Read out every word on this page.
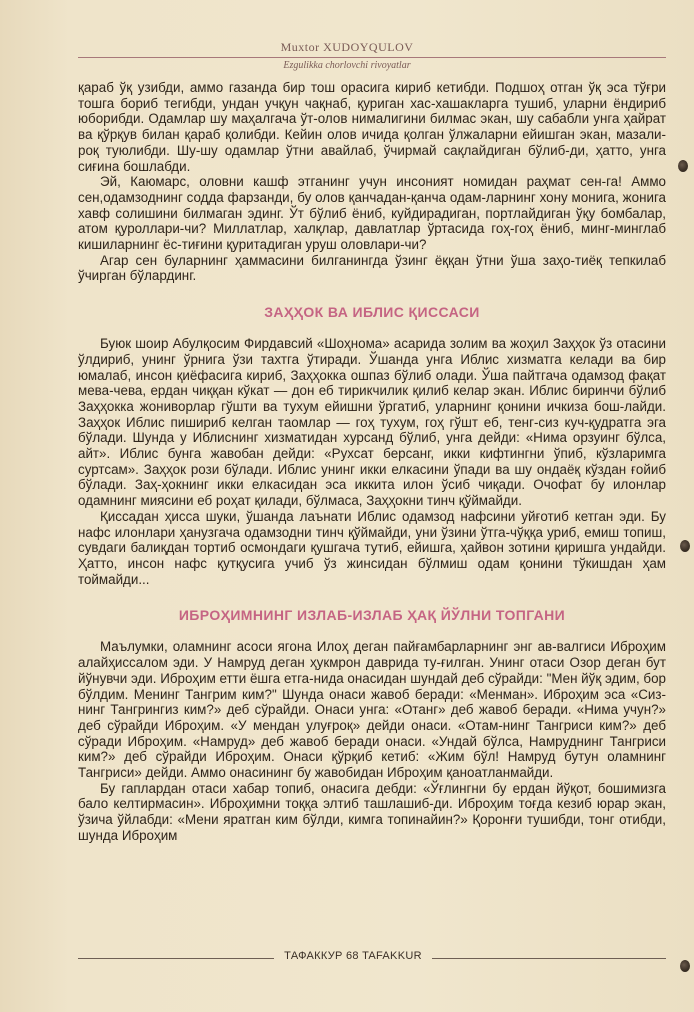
Muxtor XUDOYQULOV
Ezgulikka chorlovchi rivoyatlar

қараб ўқ узибди, аммо газанда бир тош орасига кириб кетибди. Подшоҳ отган ўқ эса тўғри тошга бориб тегибди, ундан учқун чақнаб, қуриган хас-хашакларга тушиб, уларни ёндириб юборибди. Одамлар шу маҳалгача ўт-олов нималигини билмас экан, шу сабабли унга ҳайрат ва қўрқув билан қараб қолибди. Кейин олов ичида қолган ўлжаларни ейишган экан, мазали-роқ туюлибди. Шу-шу одамлар ўтни авайлаб, ўчирмай сақлайдиган бўлиб-ди, ҳатто, унга сиғина бошлабди.

Эй, Каюмарс, оловни кашф этганинг учун инсоният номидан раҳмат сен-га! Аммо сен,одамзоднинг содда фарзанди, бу олов қанчадан-қанча одам-ларнинг хону монига, жонига хавф солишини билмаган эдинг. Ўт бўлиб ёниб, куйдирадиган, портлайдиган ўқу бомбалар, атом қуроллари-чи? Миллатлар, халқлар, давлатлар ўртасида гоҳ-гоҳ ёниб, минг-минглаб кишиларнинг ёс-тиғини қуритадиган уруш оловлари-чи?

Агар сен буларнинг ҳаммасини билганингда ўзинг ёққан ўтни ўша заҳо-тиёқ тепкилаб ўчирган бўлардинг.

ЗАҲҲОК ВА ИБЛИС ҚИССАСИ

Буюк шоир Абулқосим Фирдавсий «Шоҳнома» асарида золим ва жоҳил Заҳҳок ўз отасини ўлдириб, унинг ўрнига ўзи тахтга ўтиради. Ўшанда унга Иблис хизматга келади ва бир юмалаб, инсон қиёфасига кириб, Заҳҳокка ошпаз бўлиб олади. Ўша пайтгача одамзод фақат мева-чева, ердан чиққан кўкат — дон еб тирикчилик қилиб келар экан. Иблис биринчи бўлиб Заҳҳокка жониворлар гўшти ва тухум ейишни ўргатиб, уларнинг қонини ичкиза бош-лайди. Заҳҳок Иблис пишириб келган таомлар — гоҳ тухум, гоҳ гўшт еб, тенг-сиз куч-қудратга эга бўлади. Шунда у Иблиснинг хизматидан хурсанд бўлиб, унга дейди: «Нима орзуинг бўлса, айт». Иблис бунга жавобан дейди: «Рухсат берсанг, икки кифтингни ўпиб, кўзларимга суртсам». Заҳҳок рози бўлади. Иблис унинг икки елкасини ўпади ва шу ондаёқ кўздан ғойиб бўлади. Заҳ-ҳокнинг икки елкасидан эса иккита илон ўсиб чиқади. Очофат бу илонлар одамнинг миясини еб роҳат қилади, бўлмаса, Заҳҳокни тинч қўймайди.

Қиссадан ҳисса шуки, ўшанда лаънати Иблис одамзод нафсини уйғотиб кетган эди. Бу нафс илонлари ҳанузгача одамзодни тинч қўймайди, уни ўзини ўтга-чўққа уриб, емиш топиш, сувдаги балиқдан тортиб осмондаги қушгача тутиб, ейишга, ҳайвон зотини қиришга ундайди. Ҳатто, инсон нафс қутқусига учиб ўз жинсидан бўлмиш одам қонини тўкишдан ҳам тоймайди...

ИБРОҲИМНИНГ ИЗЛАБ-ИЗЛАБ ҲАҚ ЙЎЛНИ ТОПГАНИ

Маълумки, оламнинг асоси ягона Илоҳ деган пайғамбарларнинг энг ав-валгиси Иброҳим алайҳиссалом эди. У Намруд деган ҳукмрон даврида ту-ғилган. Унинг отаси Озор деган бут йўнувчи эди. Иброҳим етти ёшга етга-нида онасидан шундай деб сўрайди: "Мен йўқ эдим, бор бўлдим. Менинг Тангрим ким?" Шунда онаси жавоб беради: «Менман». Иброҳим эса «Сиз-нинг Тангрингиз ким?» деб сўрайди. Онаси унга: «Отанг» деб жавоб беради. «Нима учун?» деб сўрайди Иброҳим. «У мендан улуғроқ» дейди онаси. «Отам-нинг Тангриси ким?» деб сўради Иброҳим. «Намруд» деб жавоб беради онаси. «Ундай бўлса, Намруднинг Тангриси ким?» деб сўрайди Иброҳим. Онаси қўрқиб кетиб: «Жим бўл! Намруд бутун оламнинг Тангриси» дейди. Аммо онасининг бу жавобидан Иброҳим қаноатланмайди.

Бу гаплардан отаси хабар топиб, онасига дебди: «Ўғлингни бу ердан йўқот, бошимизга бало келтирмасин». Иброҳимни тоққа элтиб ташлашиб-ди. Иброҳим тоғда кезиб юрар экан, ўзича ўйлабди: «Мени яратган ким бўлди, кимга топинайин?» Қоронғи тушибди, тонг отибди, шунда Иброҳим

ТАФАККУР 68 TAFAKKUR
